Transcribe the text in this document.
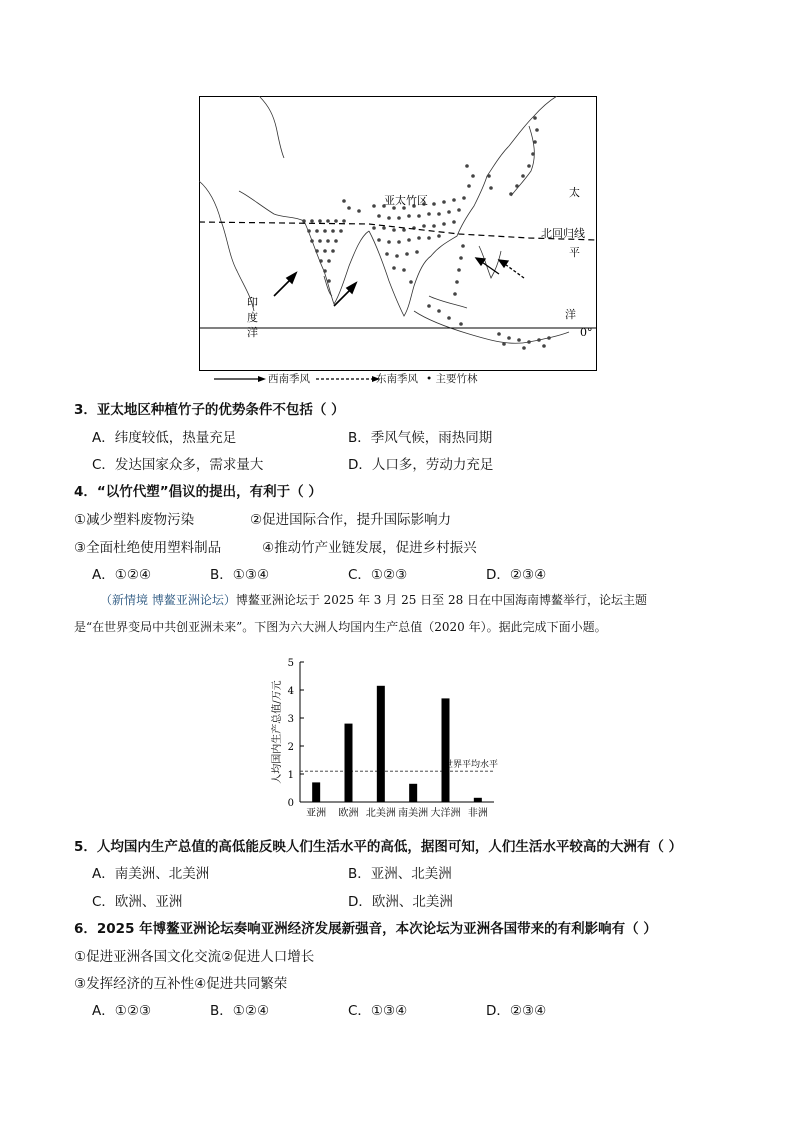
亚太竹区
北回归线
太
平
洋
印
度
洋	0°
西南季风	东南季风 • 主要竹林
3．亚太地区种植竹子的优势条件不包括（ ）
A．纬度较低，热量充足	B．季风气候，雨热同期
C．发达国家众多，需求量大	D．人口多，劳动力充足
4．“以竹代塑”倡议的提出，有利于（ ）
①减少塑料废物污染	②促进国际合作，提升国际影响力
③全面杜绝使用塑料制品	④推动竹产业链发展，促进乡村振兴
A．①②④	B．①③④	C．①②③	D．②③④
（新情境 博鳌亚洲论坛）博鳌亚洲论坛于 2025 年 3 月 25 日至 28 日在中国海南博鳌举行，论坛主题
是“在世界变局中共创亚洲未来”。下图为六大洲人均国内生产总值（2020 年）。据此完成下面小题。
0
1
2
3
4
5
人均国内生产总值/万元
亚洲 欧洲 北美洲 南美洲 大洋洲 非洲
世界平均水平
5．人均国内生产总值的高低能反映人们生活水平的高低，据图可知，人们生活水平较高的大洲有（ ）
A．南美洲、北美洲	B．亚洲、北美洲
C．欧洲、亚洲	D．欧洲、北美洲
6．2025 年博鳌亚洲论坛奏响亚洲经济发展新强音，本次论坛为亚洲各国带来的有利影响有（ ）
①促进亚洲各国文化交流②促进人口增长
③发挥经济的互补性④促进共同繁荣
A．①②③	B．①②④	C．①③④	D．②③④
